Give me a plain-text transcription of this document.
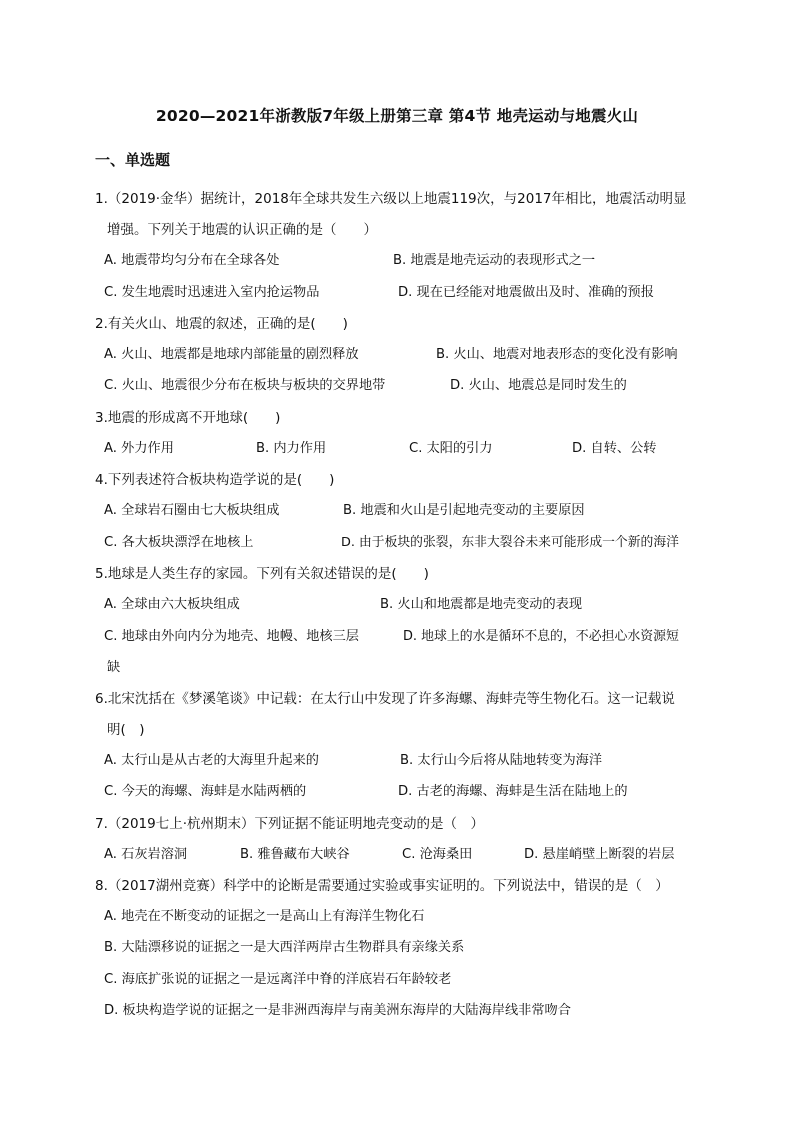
2020—2021年浙教版7年级上册第三章 第4节 地壳运动与地震火山
一、单选题
1.（2019·金华）据统计，2018年全球共发生六级以上地震119次，与2017年相比，地震活动明显
增强。下列关于地震的认识正确的是（　　）
A. 地震带均匀分布在全球各处	B. 地震是地壳运动的表现形式之一
C. 发生地震时迅速进入室内抢运物品	D. 现在已经能对地震做出及时、准确的预报
2.有关火山、地震的叙述，正确的是(　　)
A. 火山、地震都是地球内部能量的剧烈释放	B. 火山、地震对地表形态的变化没有影响
C. 火山、地震很少分布在板块与板块的交界地带	D. 火山、地震总是同时发生的
3.地震的形成离不开地球(　　)
A. 外力作用	B. 内力作用	C. 太阳的引力	D. 自转、公转
4.下列表述符合板块构造学说的是(　　)
A. 全球岩石圈由七大板块组成	B. 地震和火山是引起地壳变动的主要原因
C. 各大板块漂浮在地核上	D. 由于板块的张裂，东非大裂谷未来可能形成一个新的海洋
5.地球是人类生存的家园。下列有关叙述错误的是(　　)
A. 全球由六大板块组成	B. 火山和地震都是地壳变动的表现
C. 地球由外向内分为地壳、地幔、地核三层	D. 地球上的水是循环不息的，不必担心水资源短
缺
6.北宋沈括在《梦溪笔谈》中记载：在太行山中发现了许多海螺、海蚌壳等生物化石。这一记载说
明(　)
A. 太行山是从古老的大海里升起来的	B. 太行山今后将从陆地转变为海洋
C. 今天的海螺、海蚌是水陆两栖的	D. 古老的海螺、海蚌是生活在陆地上的
7.（2019七上·杭州期末）下列证据不能证明地壳变动的是（　）
A. 石灰岩溶洞	B. 雅鲁藏布大峡谷	C. 沧海桑田	D. 悬崖峭壁上断裂的岩层
8.（2017湖州竞赛）科学中的论断是需要通过实验或事实证明的。下列说法中，错误的是（　）
A. 地壳在不断变动的证据之一是高山上有海洋生物化石
B. 大陆漂移说的证据之一是大西洋两岸古生物群具有亲缘关系
C. 海底扩张说的证据之一是远离洋中脊的洋底岩石年龄较老
D. 板块构造学说的证据之一是非洲西海岸与南美洲东海岸的大陆海岸线非常吻合
